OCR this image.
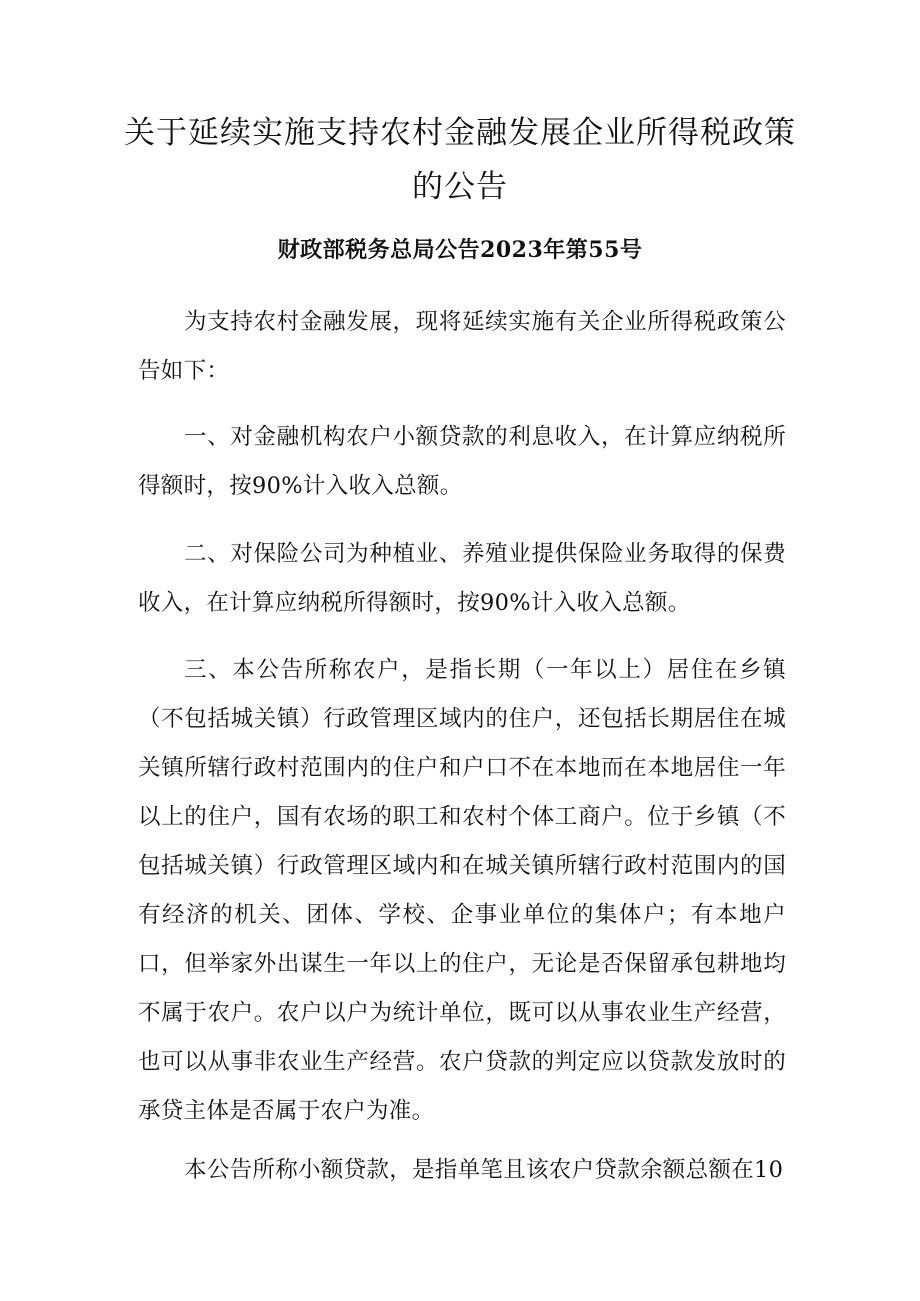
关于延续实施支持农村金融发展企业所得税政策的公告
财政部税务总局公告2023年第55号

为支持农村金融发展，现将延续实施有关企业所得税政策公告如下：

一、对金融机构农户小额贷款的利息收入，在计算应纳税所得额时，按90%计入收入总额。

二、对保险公司为种植业、养殖业提供保险业务取得的保费收入，在计算应纳税所得额时，按90%计入收入总额。

三、本公告所称农户，是指长期（一年以上）居住在乡镇（不包括城关镇）行政管理区域内的住户，还包括长期居住在城关镇所辖行政村范围内的住户和户口不在本地而在本地居住一年以上的住户，国有农场的职工和农村个体工商户。位于乡镇（不包括城关镇）行政管理区域内和在城关镇所辖行政村范围内的国有经济的机关、团体、学校、企事业单位的集体户；有本地户口，但举家外出谋生一年以上的住户，无论是否保留承包耕地均不属于农户。农户以户为统计单位，既可以从事农业生产经营，也可以从事非农业生产经营。农户贷款的判定应以贷款发放时的承贷主体是否属于农户为准。

本公告所称小额贷款，是指单笔且该农户贷款余额总额在10
